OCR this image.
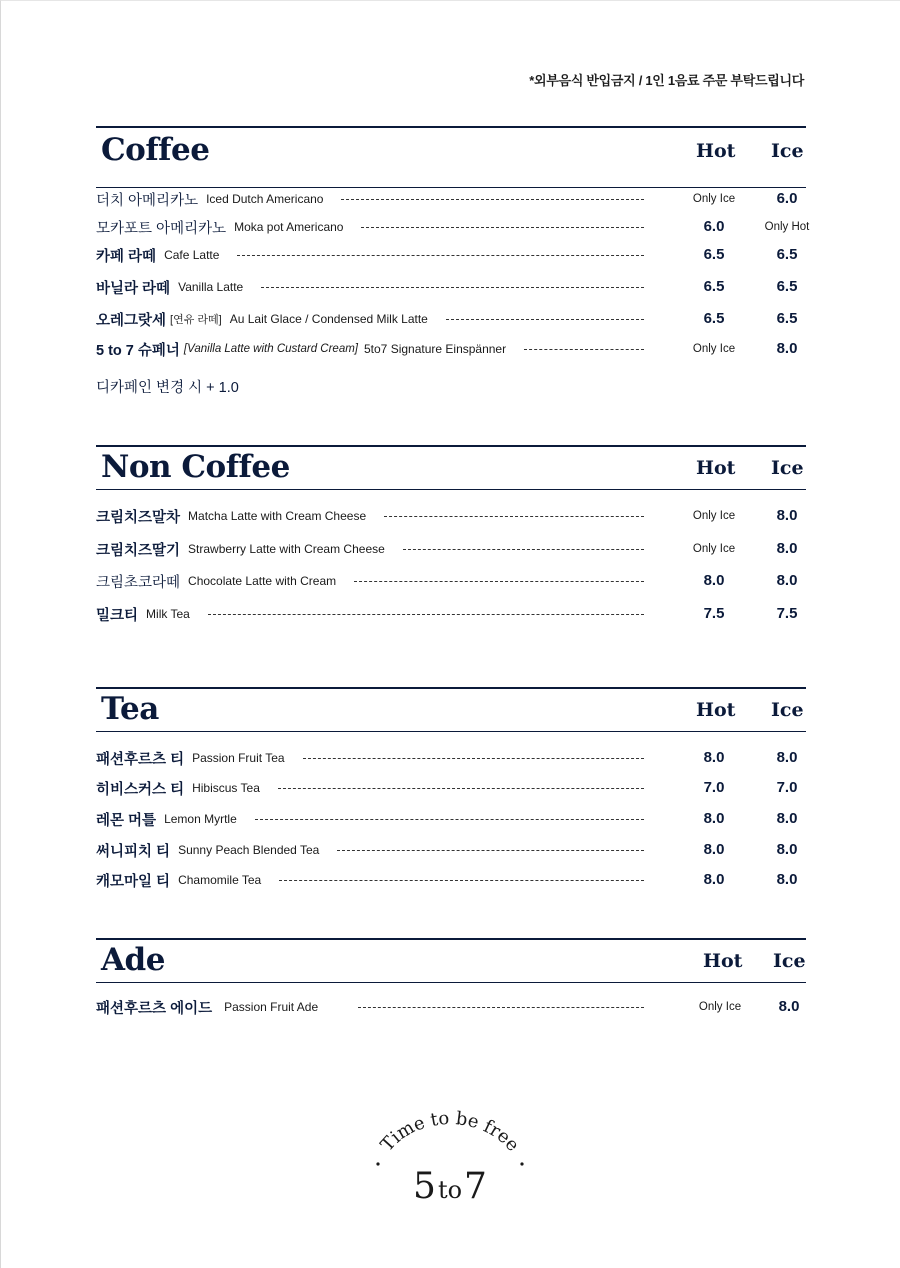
*외부음식 반입금지 / 1인 1음료 주문 부탁드립니다
Coffee	Hot Ice
더치 아메리카노 Iced Dutch Americano	Only Ice	6.0
모카포트 아메리카노 Moka pot Americano	6.0	Only Hot
카페 라떼 Cafe Latte	6.5	6.5
바닐라 라떼 Vanilla Latte	6.5	6.5
오레그랏세 [연유 라떼] Au Lait Glace / Condensed Milk Latte	6.5	6.5
5 to 7 슈페너 [Vanilla Latte with Custard Cream] 5to7 Signature Einspänner	Only Ice	8.0
디카페인 변경 시 + 1.0
Non Coffee	Hot Ice
크림치즈말차 Matcha Latte with Cream Cheese	Only Ice	8.0
크림치즈딸기 Strawberry Latte with Cream Cheese	Only Ice	8.0
크림초코라떼 Chocolate Latte with Cream	8.0	8.0
밀크티 Milk Tea	7.5	7.5
Tea	Hot Ice
패션후르츠 티 Passion Fruit Tea	8.0	8.0
히비스커스 티 Hibiscus Tea	7.0	7.0
레몬 머틀 Lemon Myrtle	8.0	8.0
써니피치 티 Sunny Peach Blended Tea	8.0	8.0
캐모마일 티 Chamomile Tea	8.0	8.0
Ade	Hot Ice
패션후르츠 에이드 Passion Fruit Ade	Only Ice	8.0
Time to be free
5to7
